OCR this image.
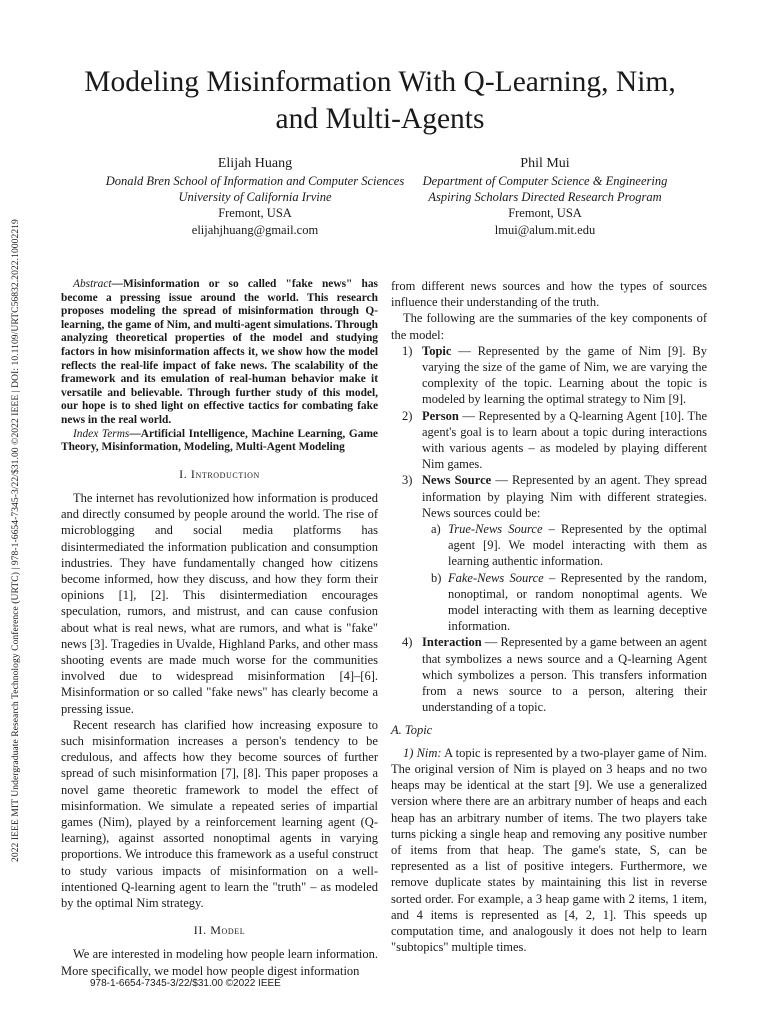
2022 IEEE MIT Undergraduate Research Technology Conference (URTC) | 978-1-6654-7345-3/22/$31.00 ©2022 IEEE | DOI: 10.1109/URTC56832.2022.10002219
Modeling Misinformation With Q-Learning, Nim,
and Multi-Agents
Elijah Huang
Donald Bren School of Information and Computer Sciences
University of California Irvine
Fremont, USA
elijahjhuang@gmail.com
Phil Mui
Department of Computer Science & Engineering
Aspiring Scholars Directed Research Program
Fremont, USA
lmui@alum.mit.edu

Abstract—Misinformation or so called "fake news" has become a pressing issue around the world. This research proposes modeling the spread of misinformation through Q-learning, the game of Nim, and multi-agent simulations. Through analyzing theoretical properties of the model and studying factors in how misinformation affects it, we show how the model reflects the real-life impact of fake news. The scalability of the framework and its emulation of real-human behavior make it versatile and believable. Through further study of this model, our hope is to shed light on effective tactics for combating fake news in the real world.

Index Terms—Artificial Intelligence, Machine Learning, Game Theory, Misinformation, Modeling, Multi-Agent Modeling

I. Introduction

The internet has revolutionized how information is produced and directly consumed by people around the world. The rise of microblogging and social media platforms has disintermediated the information publication and consumption industries. They have fundamentally changed how citizens become informed, how they discuss, and how they form their opinions [1], [2]. This disintermediation encourages speculation, rumors, and mistrust, and can cause confusion about what is real news, what are rumors, and what is "fake" news [3]. Tragedies in Uvalde, Highland Parks, and other mass shooting events are made much worse for the communities involved due to widespread misinformation [4]–[6]. Misinformation or so called "fake news" has clearly become a pressing issue.

Recent research has clarified how increasing exposure to such misinformation increases a person's tendency to be credulous, and affects how they become sources of further spread of such misinformation [7], [8]. This paper proposes a novel game theoretic framework to model the effect of misinformation. We simulate a repeated series of impartial games (Nim), played by a reinforcement learning agent (Q-learning), against assorted nonoptimal agents in varying proportions. We introduce this framework as a useful construct to study various impacts of misinformation on a well-intentioned Q-learning agent to learn the "truth" – as modeled by the optimal Nim strategy.

II. Model

We are interested in modeling how people learn information. More specifically, we model how people digest information

from different news sources and how the types of sources influence their understanding of the truth.

The following are the summaries of the key components of the model:

1) Topic — Represented by the game of Nim [9]. By varying the size of the game of Nim, we are varying the complexity of the topic. Learning about the topic is modeled by learning the optimal strategy to Nim [9].
2) Person — Represented by a Q-learning Agent [10]. The agent's goal is to learn about a topic during interactions with various agents – as modeled by playing different Nim games.
3) News Source — Represented by an agent. They spread information by playing Nim with different strategies. News sources could be:
a) True-News Source – Represented by the optimal agent [9]. We model interacting with them as learning authentic information.
b) Fake-News Source – Represented by the random, nonoptimal, or random nonoptimal agents. We model interacting with them as learning deceptive information.
4) Interaction — Represented by a game between an agent that symbolizes a news source and a Q-learning Agent which symbolizes a person. This transfers information from a news source to a person, altering their understanding of a topic.
A. Topic

1) Nim: A topic is represented by a two-player game of Nim. The original version of Nim is played on 3 heaps and no two heaps may be identical at the start [9]. We use a generalized version where there are an arbitrary number of heaps and each heap has an arbitrary number of items. The two players take turns picking a single heap and removing any positive number of items from that heap. The game's state, S, can be represented as a list of positive integers. Furthermore, we remove duplicate states by maintaining this list in reverse sorted order. For example, a 3 heap game with 2 items, 1 item, and 4 items is represented as [4, 2, 1]. This speeds up computation time, and analogously it does not help to learn "subtopics" multiple times.

978-1-6654-7345-3/22/$31.00 ©2022 IEEE
